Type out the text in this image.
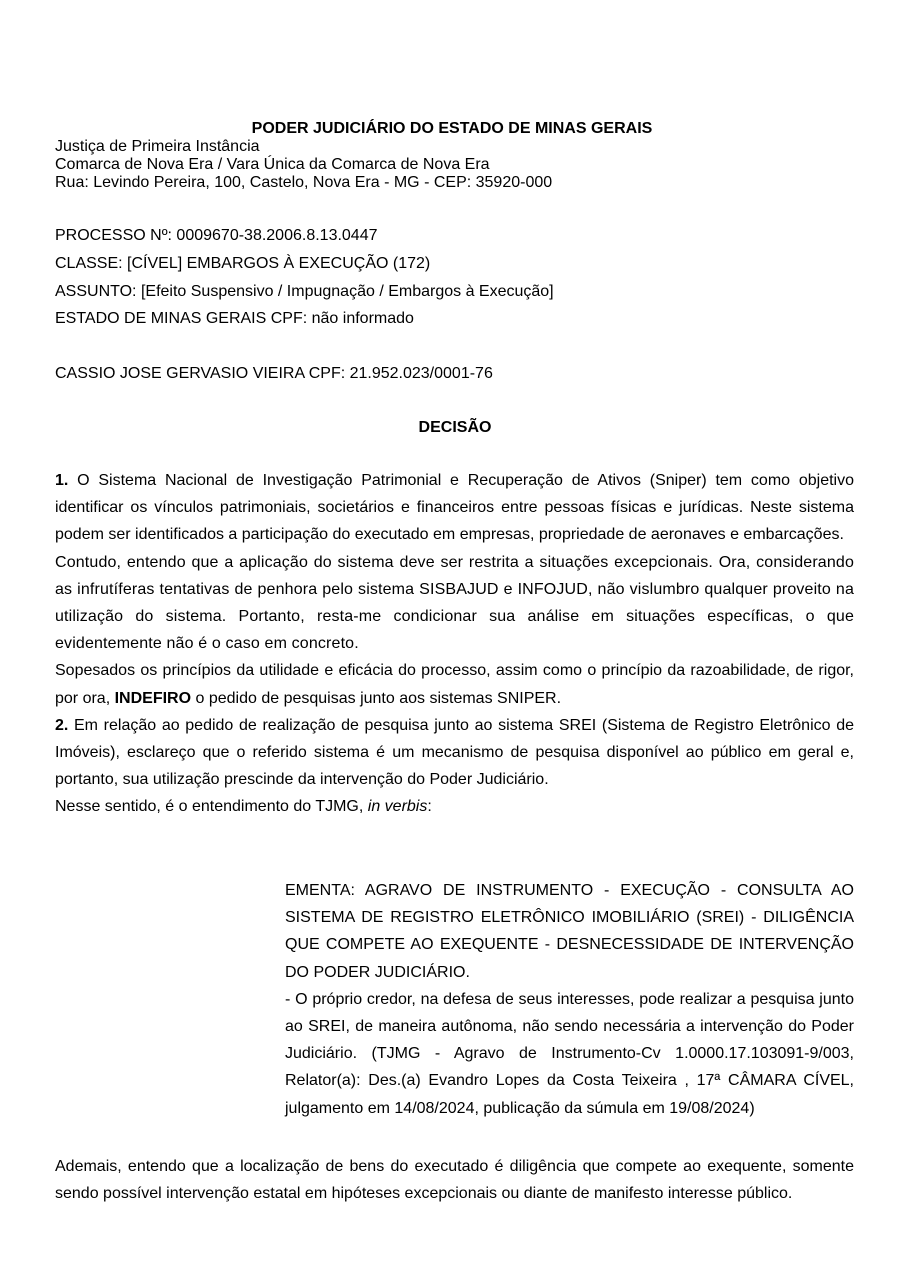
PODER JUDICIÁRIO DO ESTADO DE MINAS GERAIS
Justiça de Primeira Instância
Comarca de Nova Era / Vara Única da Comarca de Nova Era
Rua: Levindo Pereira, 100, Castelo, Nova Era - MG - CEP: 35920-000
PROCESSO Nº: 0009670-38.2006.8.13.0447
CLASSE: [CÍVEL] EMBARGOS À EXECUÇÃO (172)
ASSUNTO: [Efeito Suspensivo / Impugnação / Embargos à Execução]
ESTADO DE MINAS GERAIS CPF: não informado
CASSIO JOSE GERVASIO VIEIRA CPF: 21.952.023/0001-76
DECISÃO

1. O Sistema Nacional de Investigação Patrimonial e Recuperação de Ativos (Sniper) tem como objetivo identificar os vínculos patrimoniais, societários e financeiros entre pessoas físicas e jurídicas. Neste sistema podem ser identificados a participação do executado em empresas, propriedade de aeronaves e embarcações.

Contudo, entendo que a aplicação do sistema deve ser restrita a situações excepcionais. Ora, considerando as infrutíferas tentativas de penhora pelo sistema SISBAJUD e INFOJUD, não vislumbro qualquer proveito na utilização do sistema. Portanto, resta-me condicionar sua análise em situações específicas, o que evidentemente não é o caso em concreto.

Sopesados os princípios da utilidade e eficácia do processo, assim como o princípio da razoabilidade, de rigor, por ora, INDEFIRO o pedido de pesquisas junto aos sistemas SNIPER.

2. Em relação ao pedido de realização de pesquisa junto ao sistema SREI (Sistema de Registro Eletrônico de Imóveis), esclareço que o referido sistema é um mecanismo de pesquisa disponível ao público em geral e, portanto, sua utilização prescinde da intervenção do Poder Judiciário.

Nesse sentido, é o entendimento do TJMG, in verbis:

EMENTA: AGRAVO DE INSTRUMENTO - EXECUÇÃO - CONSULTA AO SISTEMA DE REGISTRO ELETRÔNICO IMOBILIÁRIO (SREI) - DILIGÊNCIA QUE COMPETE AO EXEQUENTE - DESNECESSIDADE DE INTERVENÇÃO DO PODER JUDICIÁRIO.

- O próprio credor, na defesa de seus interesses, pode realizar a pesquisa junto ao SREI, de maneira autônoma, não sendo necessária a intervenção do Poder Judiciário. (TJMG - Agravo de Instrumento-Cv 1.0000.17.103091-9/003, Relator(a): Des.(a) Evandro Lopes da Costa Teixeira , 17ª CÂMARA CÍVEL, julgamento em 14/08/2024, publicação da súmula em 19/08/2024)

Ademais, entendo que a localização de bens do executado é diligência que compete ao exequente, somente sendo possível intervenção estatal em hipóteses excepcionais ou diante de manifesto interesse público.
